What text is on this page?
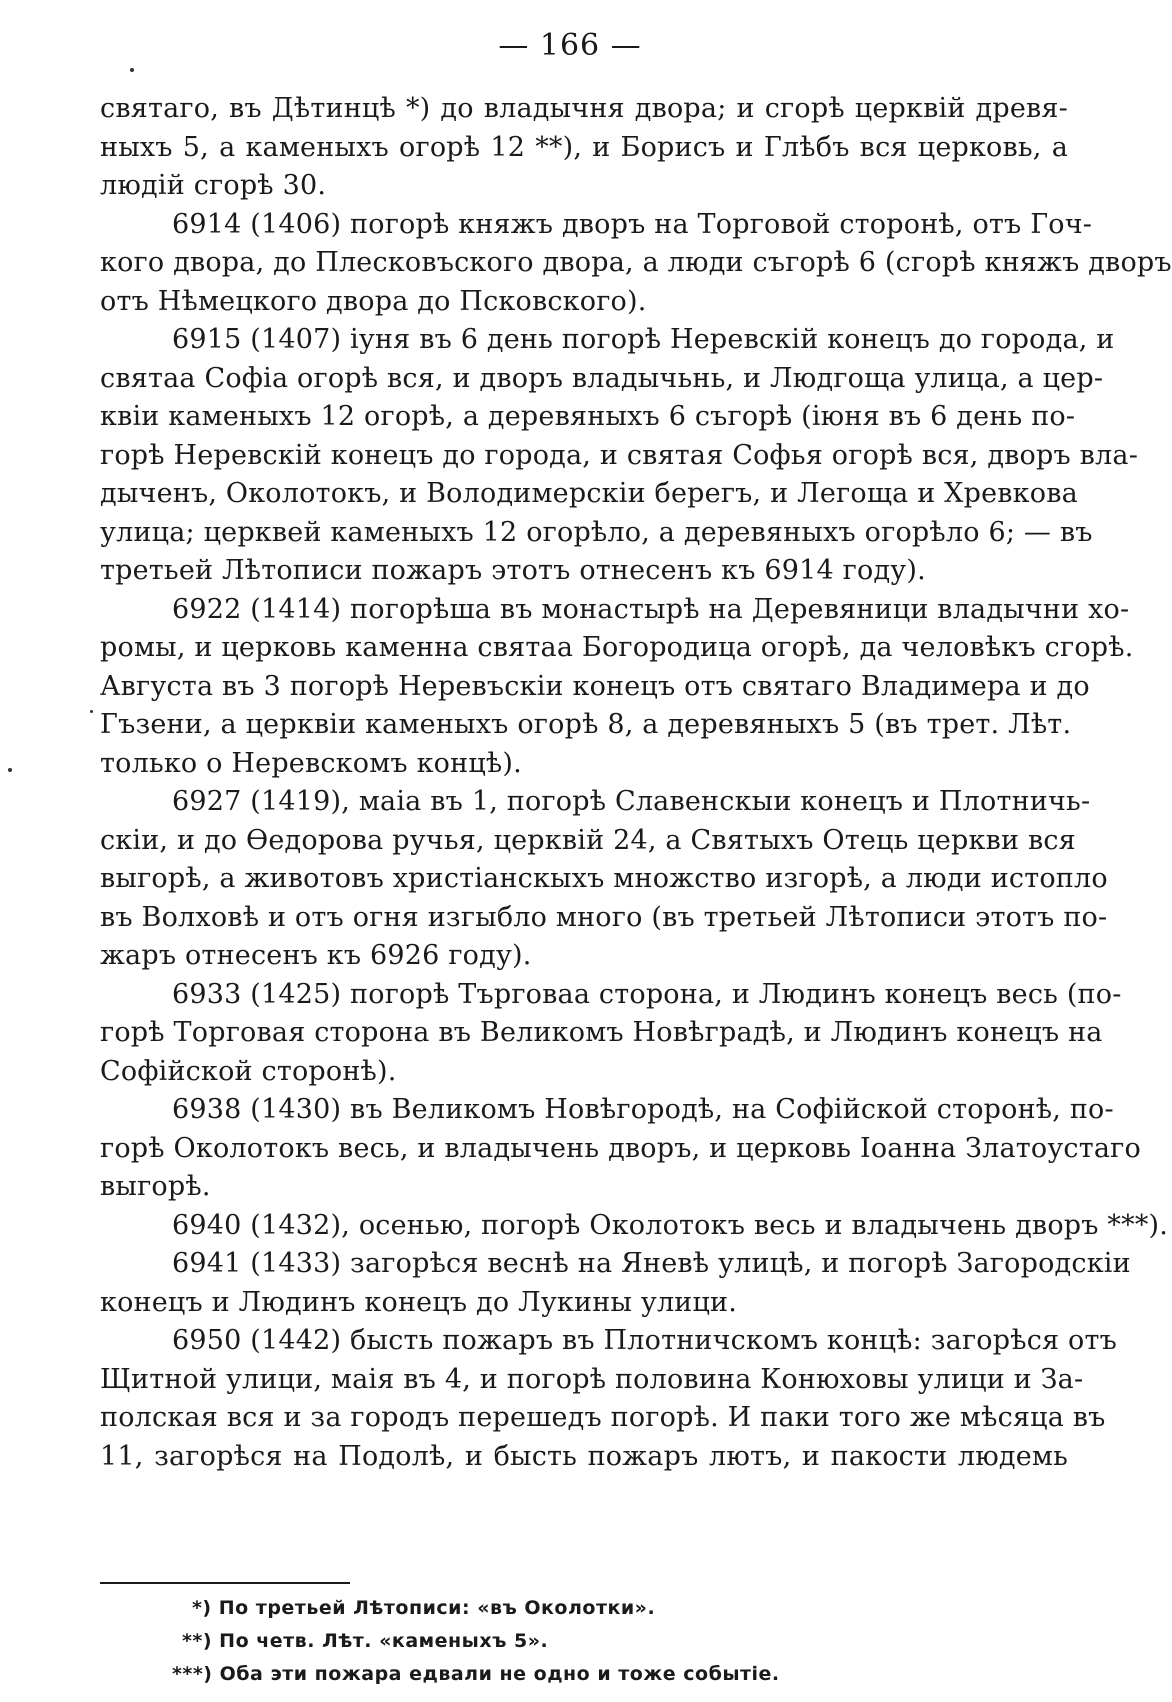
— 166 —
святаго, въ Дѣтинцѣ *) до владычня двора; и сгорѣ церквій древя-
ныхъ 5, а каменыхъ огорѣ 12 **), и Борисъ и Глѣбъ вся церковь, а
людій сгорѣ 30.
6914 (1406) погорѣ княжъ дворъ на Торговой сторонѣ, отъ Гоч-
кого двора, до Плесковъского двора, а люди съгорѣ 6 (сгорѣ княжъ дворъ
отъ Нѣмецкого двора до Псковского).
6915 (1407) іуня въ 6 день погорѣ Неревскій конецъ до города, и
святаа Софіа огорѣ вся, и дворъ владычьнь, и Людгоща улица, а цер-
квіи каменыхъ 12 огорѣ, а деревяныхъ 6 съгорѣ (іюня въ 6 день по-
горѣ Неревскій конецъ до города, и святая Софья огорѣ вся, дворъ вла-
дыченъ, Околотокъ, и Володимерскіи берегъ, и Легоща и Хревкова
улица; церквей каменыхъ 12 огорѣло, а деревяныхъ огорѣло 6; — въ
третьей Лѣтописи пожаръ этотъ отнесенъ къ 6914 году).
6922 (1414) погорѣша въ монастырѣ на Деревяници владычни хо-
ромы, и церковь каменна святаа Богородица огорѣ, да человѣкъ сгорѣ.
Августа въ 3 погорѣ Неревъскіи конецъ отъ святаго Владимера и до
Гъзени, а церквіи каменыхъ огорѣ 8, а деревяныхъ 5 (въ трет. Лѣт.
только о Неревскомъ концѣ).
6927 (1419), маіа въ 1, погорѣ Славенскыи конецъ и Плотничь-
скіи, и до Ѳедорова ручья, церквій 24, а Святыхъ Отець церкви вся
выгорѣ, а животовъ христіанскыхъ множство изгорѣ, а люди истопло
въ Волховѣ и отъ огня изгыбло много (въ третьей Лѣтописи этотъ по-
жаръ отнесенъ къ 6926 году).
6933 (1425) погорѣ Търговаа сторона, и Людинъ конецъ весь (по-
горѣ Торговая сторона въ Великомъ Новѣградѣ, и Людинъ конецъ на
Софійской сторонѣ).
6938 (1430) въ Великомъ Новѣгородѣ, на Софійской сторонѣ, по-
горѣ Околотокъ весь, и владычень дворъ, и церковь Іоанна Златоустаго
выгорѣ.
6940 (1432), осенью, погорѣ Околотокъ весь и владычень дворъ ***).
6941 (1433) загорѣся веснѣ на Яневѣ улицѣ, и погорѣ Загородскіи
конецъ и Людинъ конецъ до Лукины улици.
6950 (1442) бысть пожаръ въ Плотничскомъ концѣ: загорѣся отъ
Щитной улици, маія въ 4, и погорѣ половина Конюховы улици и За-
полская вся и за городъ перешедъ погорѣ. И паки того же мѣсяца въ
11, загорѣся на Подолѣ, и бысть пожаръ лютъ, и пакости людемь
*) По третьей Лѣтописи: «въ Околотки».
**) По четв. Лѣт. «каменыхъ 5».
***) Оба эти пожара едвали не одно и тоже событіе.
